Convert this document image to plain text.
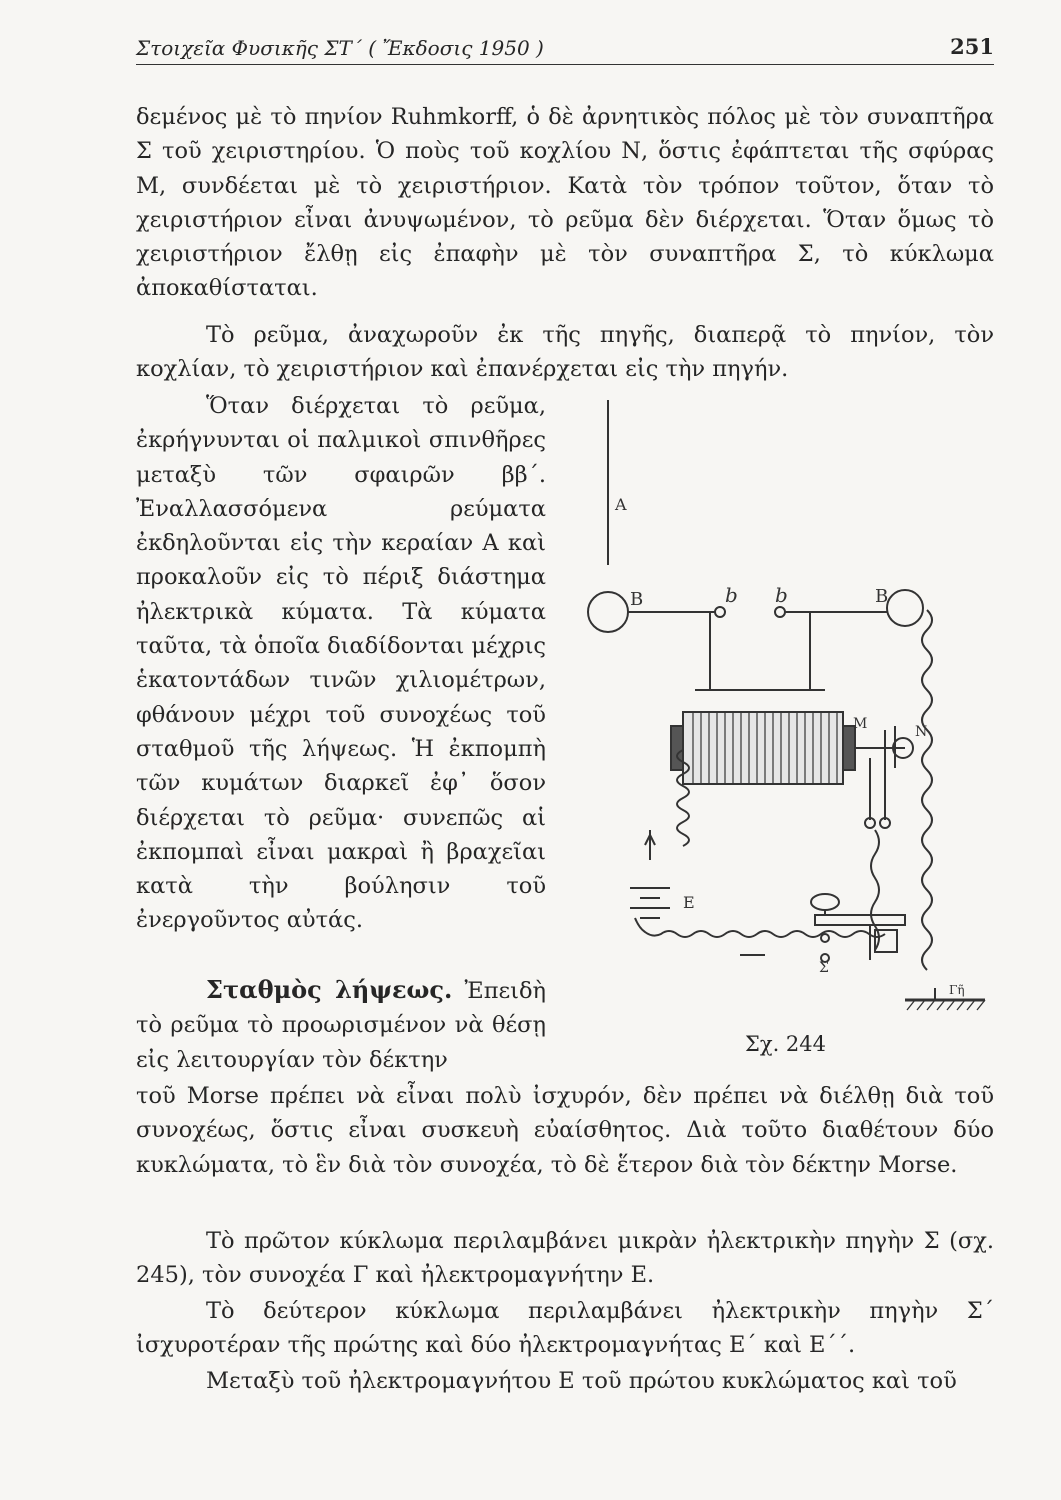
Στοιχεῖα Φυσικῆς ΣΤ΄ ( Ἔκδοσις 1950 )	251

δεμένος μὲ τὸ πηνίον Ruhmkorff, ὁ δὲ ἀρνητικὸς πόλος μὲ τὸν συναπτῆρα Σ τοῦ χειριστηρίου. Ὁ ποὺς τοῦ κοχλίου Ν, ὅστις ἐφάπτεται τῆς σφύρας Μ, συνδέεται μὲ τὸ χειριστήριον. Κατὰ τὸν τρόπον τοῦτον, ὅταν τὸ χειριστήριον εἶναι ἀνυψωμένον, τὸ ρεῦμα δὲν διέρχεται. Ὅταν ὅμως τὸ χειριστήριον ἔλθῃ εἰς ἐπαφὴν μὲ τὸν συναπτῆρα Σ, τὸ κύκλωμα ἀποκαθίσταται.

Τὸ ρεῦμα, ἀναχωροῦν ἐκ τῆς πηγῆς, διαπερᾷ τὸ πηνίον, τὸν κοχλίαν, τὸ χειριστήριον καὶ ἐπανέρχεται εἰς τὴν πηγήν.

Ὅταν διέρχεται τὸ ρεῦμα, ἐκρήγνυνται οἱ παλμικοὶ σπινθῆρες μεταξὺ τῶν σφαιρῶν ββ΄. Ἐναλλασσόμενα ρεύματα ἐκδηλοῦνται εἰς τὴν κεραίαν Α καὶ προκαλοῦν εἰς τὸ πέριξ διάστημα ἠλεκτρικὰ κύματα. Τὰ κύματα ταῦτα, τὰ ὁποῖα διαδίδονται μέχρις ἑκατοντάδων τινῶν χιλιομέτρων, φθάνουν μέχρι τοῦ συνοχέως τοῦ σταθμοῦ τῆς λήψεως. Ἡ ἐκπομπὴ τῶν κυμάτων διαρκεῖ ἐφ᾽ ὅσον διέρχεται τὸ ρεῦμα· συνεπῶς αἱ ἐκπομπαὶ εἶναι μακραὶ ἢ βραχεῖαι κατὰ τὴν βούλησιν τοῦ ἐνεργοῦντος αὐτάς.

Σταθμὸς λήψεως. Ἐπειδὴ τὸ ρεῦμα τὸ προωρισμένον νὰ θέσῃ εἰς λειτουργίαν τὸν δέκτην

τοῦ Morse πρέπει νὰ εἶναι πολὺ ἰσχυρόν, δὲν πρέπει νὰ διέλθῃ διὰ τοῦ συνοχέως, ὅστις εἶναι συσκευὴ εὐαίσθητος. Διὰ τοῦτο διαθέτουν δύο κυκλώματα, τὸ ἓν διὰ τὸν συνοχέα, τὸ δὲ ἕτερον διὰ τὸν δέκτην Morse.

Τὸ πρῶτον κύκλωμα περιλαμβάνει μικρὰν ἠλεκτρικὴν πηγὴν Σ (σχ. 245), τὸν συνοχέα Γ καὶ ἠλεκτρομαγνήτην Ε.

Τὸ δεύτερον κύκλωμα περιλαμβάνει ἠλεκτρικὴν πηγὴν Σ΄ ἰσχυροτέραν τῆς πρώτης καὶ δύο ἠλεκτρομαγνήτας Ε΄ καὶ Ε΄΄.

Μεταξὺ τοῦ ἠλεκτρομαγνήτου Ε τοῦ πρώτου κυκλώματος καὶ τοῦ

A
B	b b	B
M	N
E
Σ
Γῆ
Σχ. 244
